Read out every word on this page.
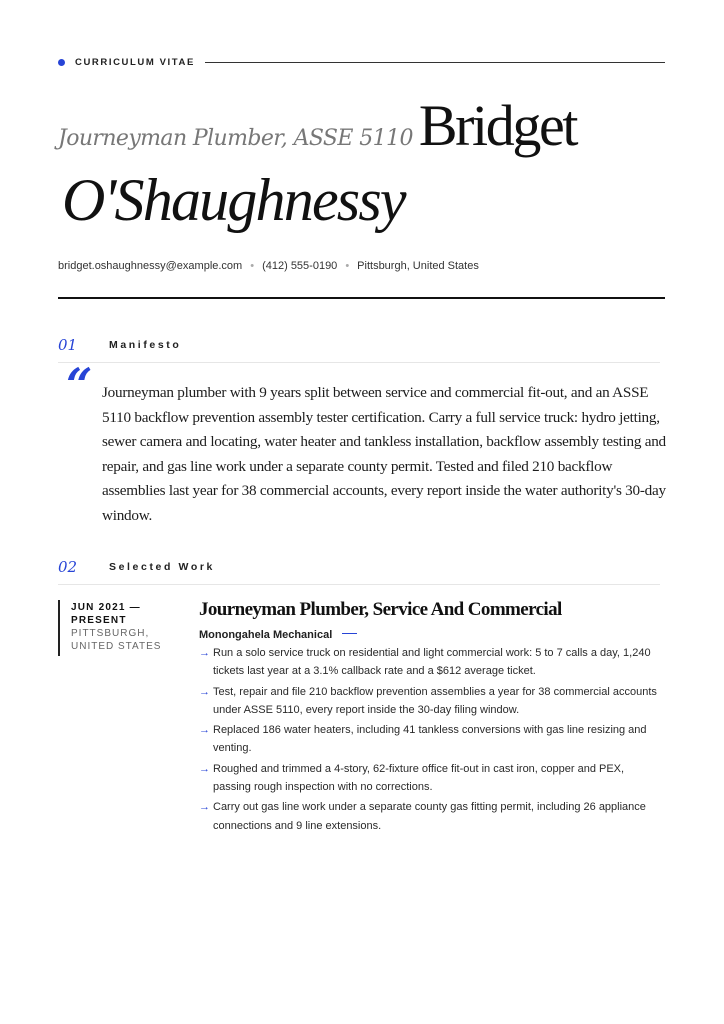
CURRICULUM VITAE
Journeyman Plumber, ASSE 5110 Bridget
O'Shaughnessy
bridget.oshaughnessy@example.com • (412) 555-0190 • Pittsburgh, United States
01	Manifesto
“ Journeyman plumber with 9 years split between service and commercial fit-out, and an ASSE 5110 backflow prevention assembly tester certification. Carry a full service truck: hydro jetting, sewer camera and locating, water heater and tankless installation, backflow assembly testing and repair, and gas line work under a separate county permit. Tested and filed 210 backflow assemblies last year for 38 commercial accounts, every report inside the water authority's 30-day window.

02	Selected Work
JUN 2021 —
PRESENT
PITTSBURGH,
UNITED STATES
Journeyman Plumber, Service And Commercial
Monongahela Mechanical
→ Run a solo service truck on residential and light commercial work: 5 to 7 calls a day, 1,240 tickets last year at a 3.1% callback rate and a $612 average ticket.
→ Test, repair and file 210 backflow prevention assemblies a year for 38 commercial accounts under ASSE 5110, every report inside the 30-day filing window.
→ Replaced 186 water heaters, including 41 tankless conversions with gas line resizing and venting.
→ Roughed and trimmed a 4-story, 62-fixture office fit-out in cast iron, copper and PEX, passing rough inspection with no corrections.
→ Carry out gas line work under a separate county gas fitting permit, including 26 appliance connections and 9 line extensions.
